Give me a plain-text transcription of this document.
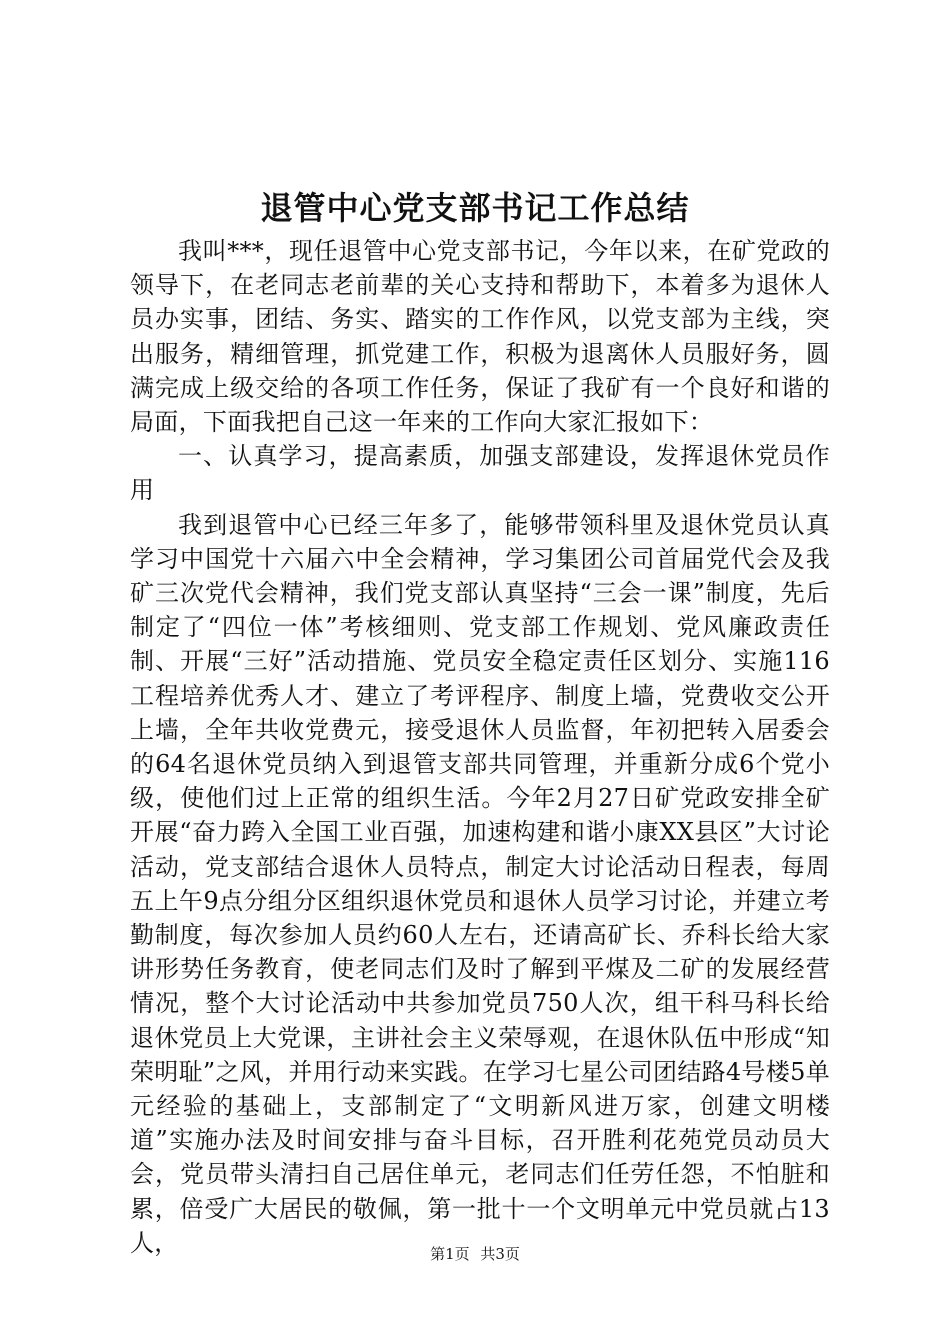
退管中心党支部书记工作总结

我叫***，现任退管中心党支部书记，今年以来，在矿党政的领导下，在老同志老前辈的关心支持和帮助下，本着多为退休人员办实事，团结、务实、踏实的工作作风，以党支部为主线，突出服务，精细管理，抓党建工作，积极为退离休人员服好务，圆满完成上级交给的各项工作任务，保证了我矿有一个良好和谐的局面，下面我把自己这一年来的工作向大家汇报如下：

一、认真学习，提高素质，加强支部建设，发挥退休党员作用

我到退管中心已经三年多了，能够带领科里及退休党员认真学习中国党十六届六中全会精神，学习集团公司首届党代会及我矿三次党代会精神，我们党支部认真坚持“三会一课”制度，先后制定了“四位一体”考核细则、党支部工作规划、党风廉政责任制、开展“三好”活动措施、党员安全稳定责任区划分、实施116工程培养优秀人才、建立了考评程序、制度上墙，党费收交公开上墙，全年共收党费元，接受退休人员监督，年初把转入居委会的64名退休党员纳入到退管支部共同管理，并重新分成6个党小级，使他们过上正常的组织生活。今年2月27日矿党政安排全矿开展“奋力跨入全国工业百强，加速构建和谐小康XX县区”大讨论活动，党支部结合退休人员特点，制定大讨论活动日程表，每周五上午9点分组分区组织退休党员和退休人员学习讨论，并建立考勤制度，每次参加人员约60人左右，还请高矿长、乔科长给大家讲形势任务教育，使老同志们及时了解到平煤及二矿的发展经营情况，整个大讨论活动中共参加党员750人次，组干科马科长给退休党员上大党课，主讲社会主义荣辱观，在退休队伍中形成“知荣明耻”之风，并用行动来实践。在学习七星公司团结路4号楼5单元经验的基础上，支部制定了“文明新风进万家，创建文明楼道”实施办法及时间安排与奋斗目标，召开胜利花苑党员动员大会，党员带头清扫自己居住单元，老同志们任劳任怨，不怕脏和累，倍受广大居民的敬佩，第一批十一个文明单元中党员就占13人，	第1页 共3页
